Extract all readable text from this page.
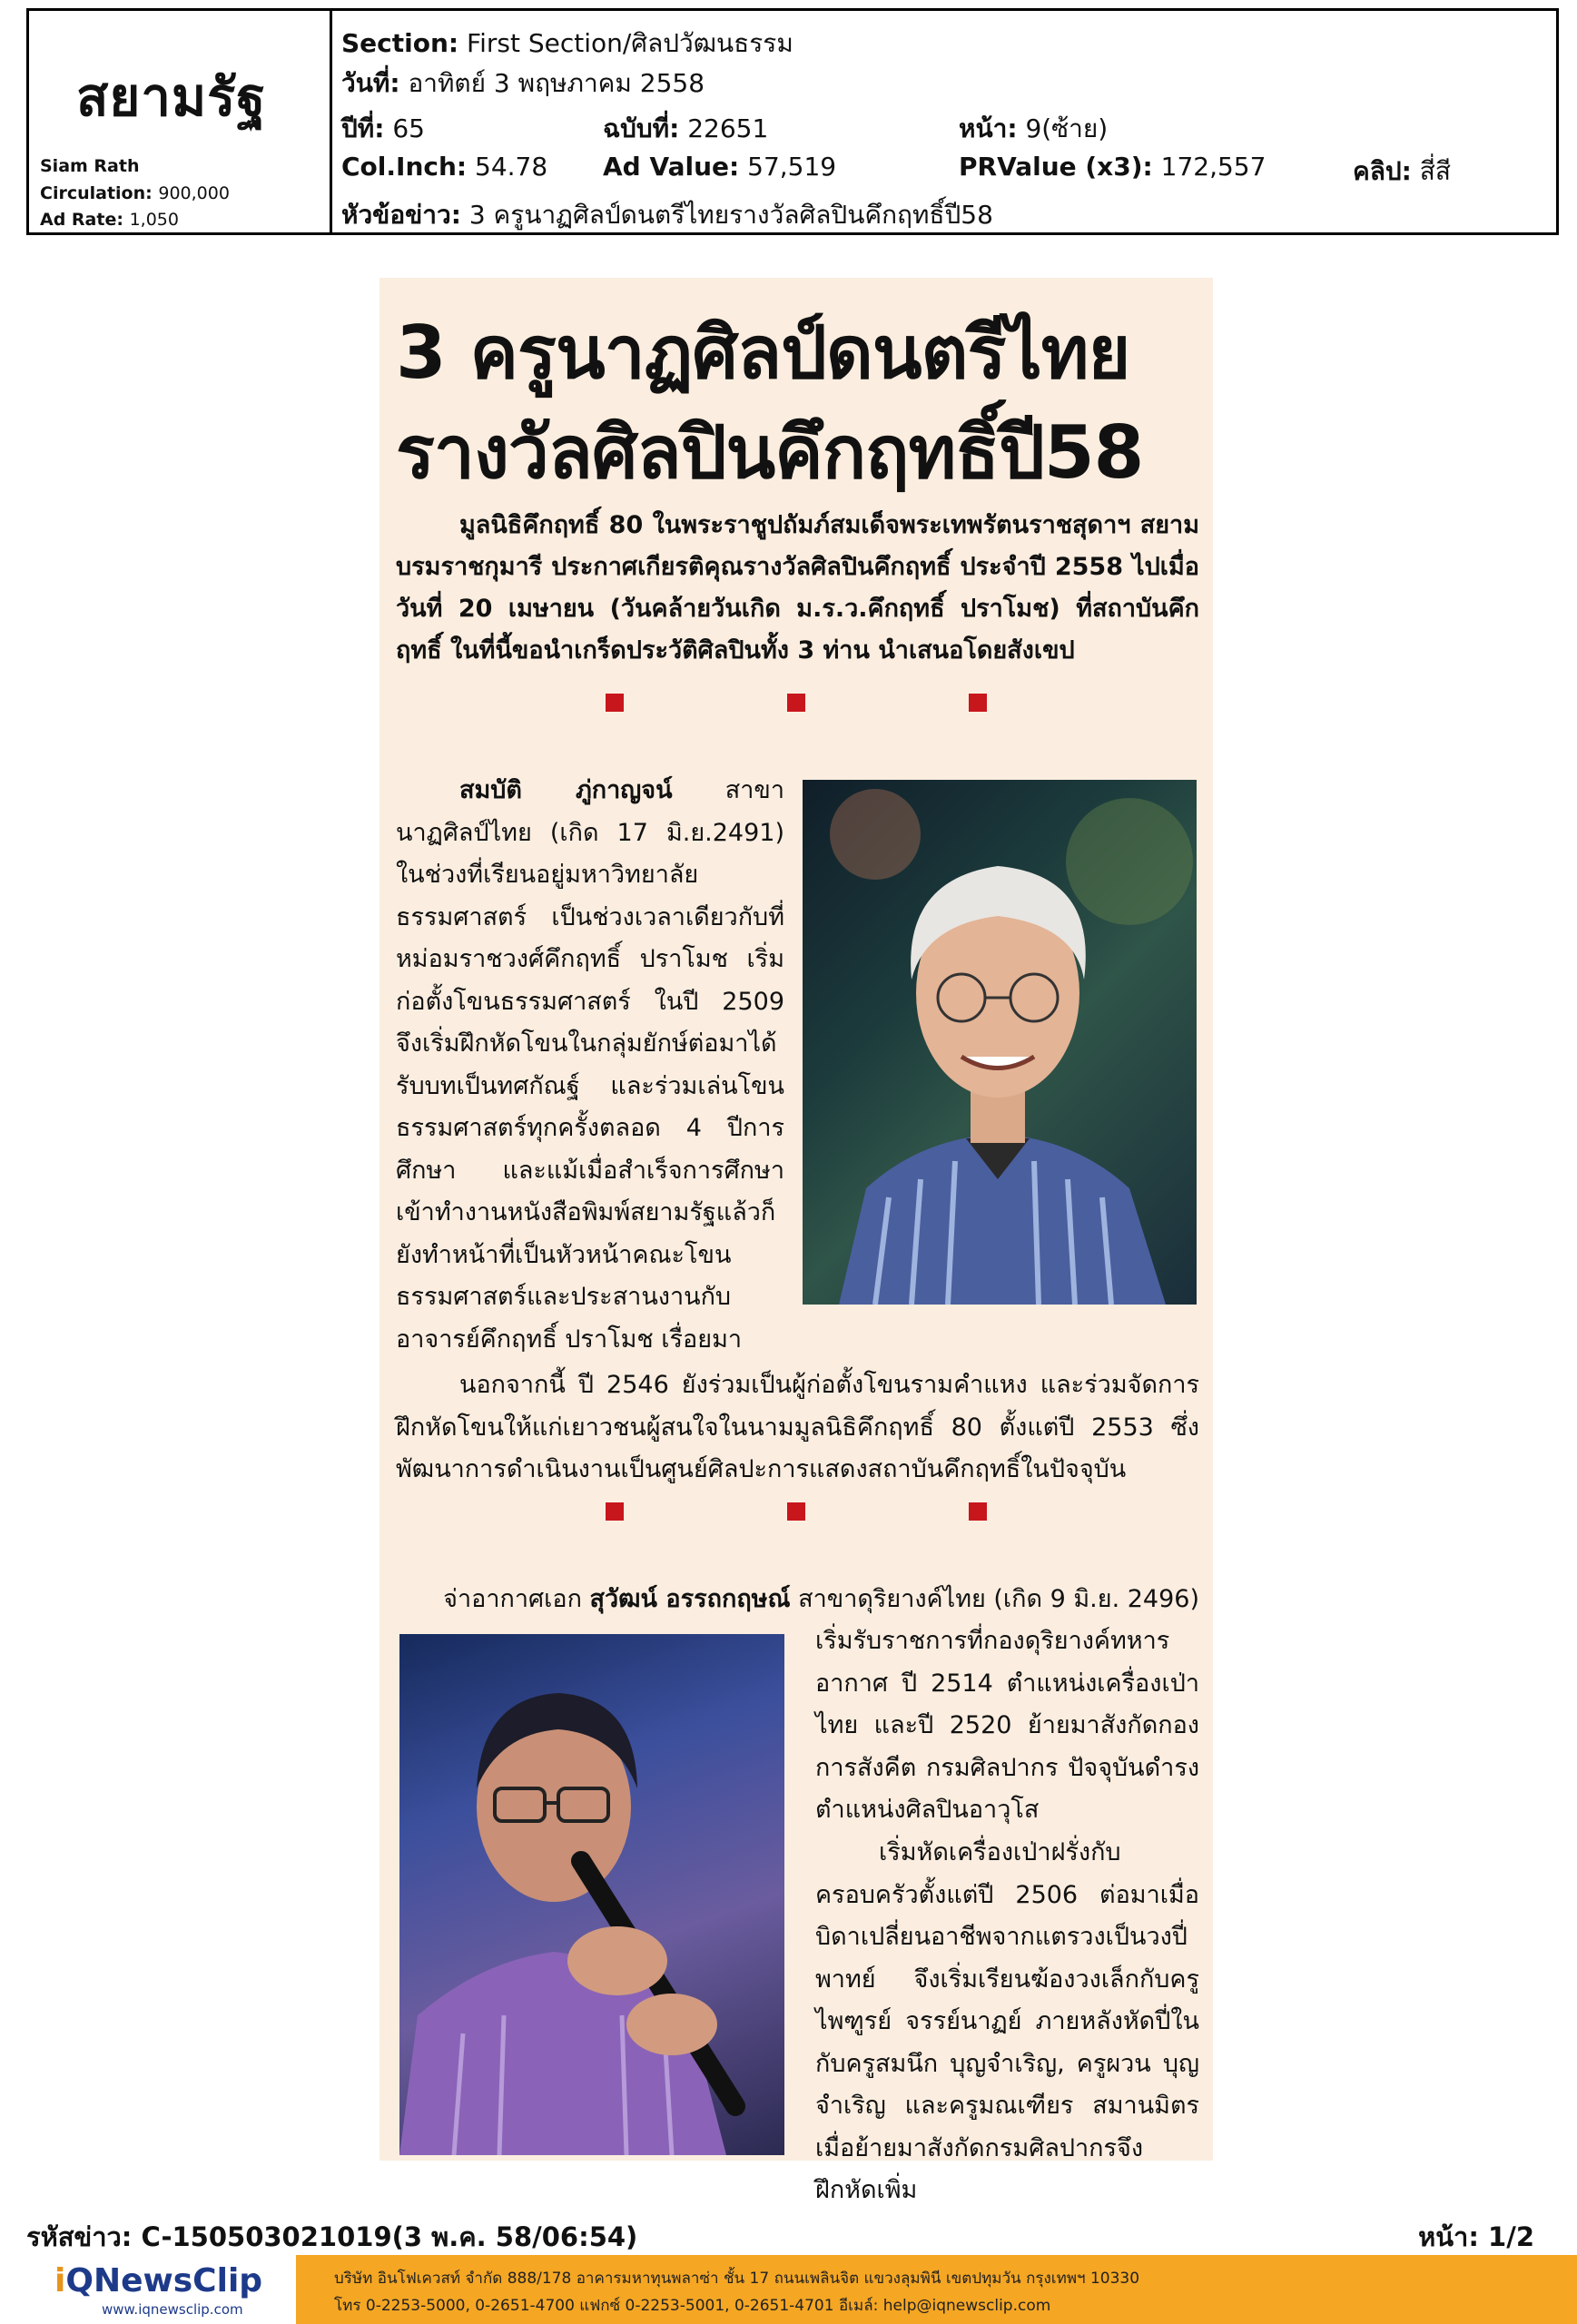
สยามรัฐ
Siam Rath
Circulation: 900,000
Ad Rate: 1,050
Section: First Section/ศิลปวัฒนธรรม
วันที่: อาทิตย์ 3 พฤษภาคม 2558
ปีที่: 65	ฉบับที่: 22651	หน้า: 9(ซ้าย)
Col.Inch: 54.78 Ad Value: 57,519	PRValue (x3): 172,557	คลิป: สี่สี
หัวข้อข่าว: 3 ครูนาฏศิลป์ดนตรีไทยรางวัลศิลปินคึกฤทธิ์ปี58
3 ครูนาฏศิลป์ดนตรีไทย
รางวัลศิลปินคึกฤทธิ์ปี58
มูลนิธิคึกฤทธิ์ 80 ในพระราชูปถัมภ์สมเด็จพระเทพรัตนราชสุดาฯ สยามบรมราชกุมารี ประกาศเกียรติคุณรางวัลศิลปินคึกฤทธิ์ ประจำปี 2558 ไปเมื่อวันที่ 20 เมษายน (วันคล้ายวันเกิด ม.ร.ว.คึกฤทธิ์ ปราโมช) ที่สถาบันคึกฤทธิ์ ในที่นี้ขอนำเกร็ดประวัติศิลปินทั้ง 3 ท่าน นำเสนอโดยสังเขป
สมบัติ ภู่กาญจน์ สาขานาฏศิลป์ไทย (เกิด 17 มิ.ย.2491) ในช่วงที่เรียนอยู่มหาวิทยาลัยธรรมศาสตร์ เป็นช่วงเวลาเดียวกับที่หม่อมราชวงศ์คึกฤทธิ์ ปราโมช เริ่มก่อตั้งโขนธรรมศาสตร์ ในปี 2509 จึงเริ่มฝึกหัดโขนในกลุ่มยักษ์ต่อมาได้รับบทเป็นทศกัณฐ์ และร่วมเล่นโขนธรรมศาสตร์ทุกครั้งตลอด 4 ปีการศึกษา และแม้เมื่อสำเร็จการศึกษา เข้าทำงานหนังสือพิมพ์สยามรัฐแล้วก็ยังทำหน้าที่เป็นหัวหน้าคณะโขนธรรมศาสตร์และประสานงานกับอาจารย์คึกฤทธิ์ ปราโมช เรื่อยมา
นอกจากนี้ ปี 2546 ยังร่วมเป็นผู้ก่อตั้งโขนรามคำแหง และร่วมจัดการฝึกหัดโขนให้แก่เยาวชนผู้สนใจในนามมูลนิธิคึกฤทธิ์ 80 ตั้งแต่ปี 2553 ซึ่งพัฒนาการดำเนินงานเป็นศูนย์ศิลปะการแสดงสถาบันคึกฤทธิ์ในปัจจุบัน
จ่าอากาศเอก สุวัฒน์ อรรถกฤษณ์ สาขาดุริยางค์ไทย (เกิด 9 มิ.ย. 2496)
เริ่มรับราชการที่กองดุริยางค์ทหารอากาศ ปี 2514 ตำแหน่งเครื่องเป่าไทย และปี 2520 ย้ายมาสังกัดกองการสังคีต กรมศิลปากร ปัจจุบันดำรงตำแหน่งศิลปินอาวุโส
เริ่มหัดเครื่องเป่าฝรั่งกับครอบครัวตั้งแต่ปี 2506 ต่อมาเมื่อบิดาเปลี่ยนอาชีพจากแตรวงเป็นวงปี่พาทย์ จึงเริ่มเรียนฆ้องวงเล็กกับครูไพฑูรย์ จรรย์นาฏย์ ภายหลังหัดปี่ในกับครูสมนึก บุญจำเริญ, ครูผวน บุญจำเริญ และครูมณเฑียร สมานมิตร เมื่อย้ายมาสังกัดกรมศิลปากรจึงฝึกหัดเพิ่ม
รหัสข่าว: C-150503021019(3 พ.ค. 58/06:54)	หน้า: 1/2
iQNewsClip
www.iqnewsclip.com
บริษัท อินโฟเควสท์ จำกัด 888/178 อาคารมหาทุนพลาซ่า ชั้น 17 ถนนเพลินจิต แขวงลุมพินี เขตปทุมวัน กรุงเทพฯ 10330
โทร 0-2253-5000, 0-2651-4700 แฟกซ์ 0-2253-5001, 0-2651-4701 อีเมล์: help@iqnewsclip.com
